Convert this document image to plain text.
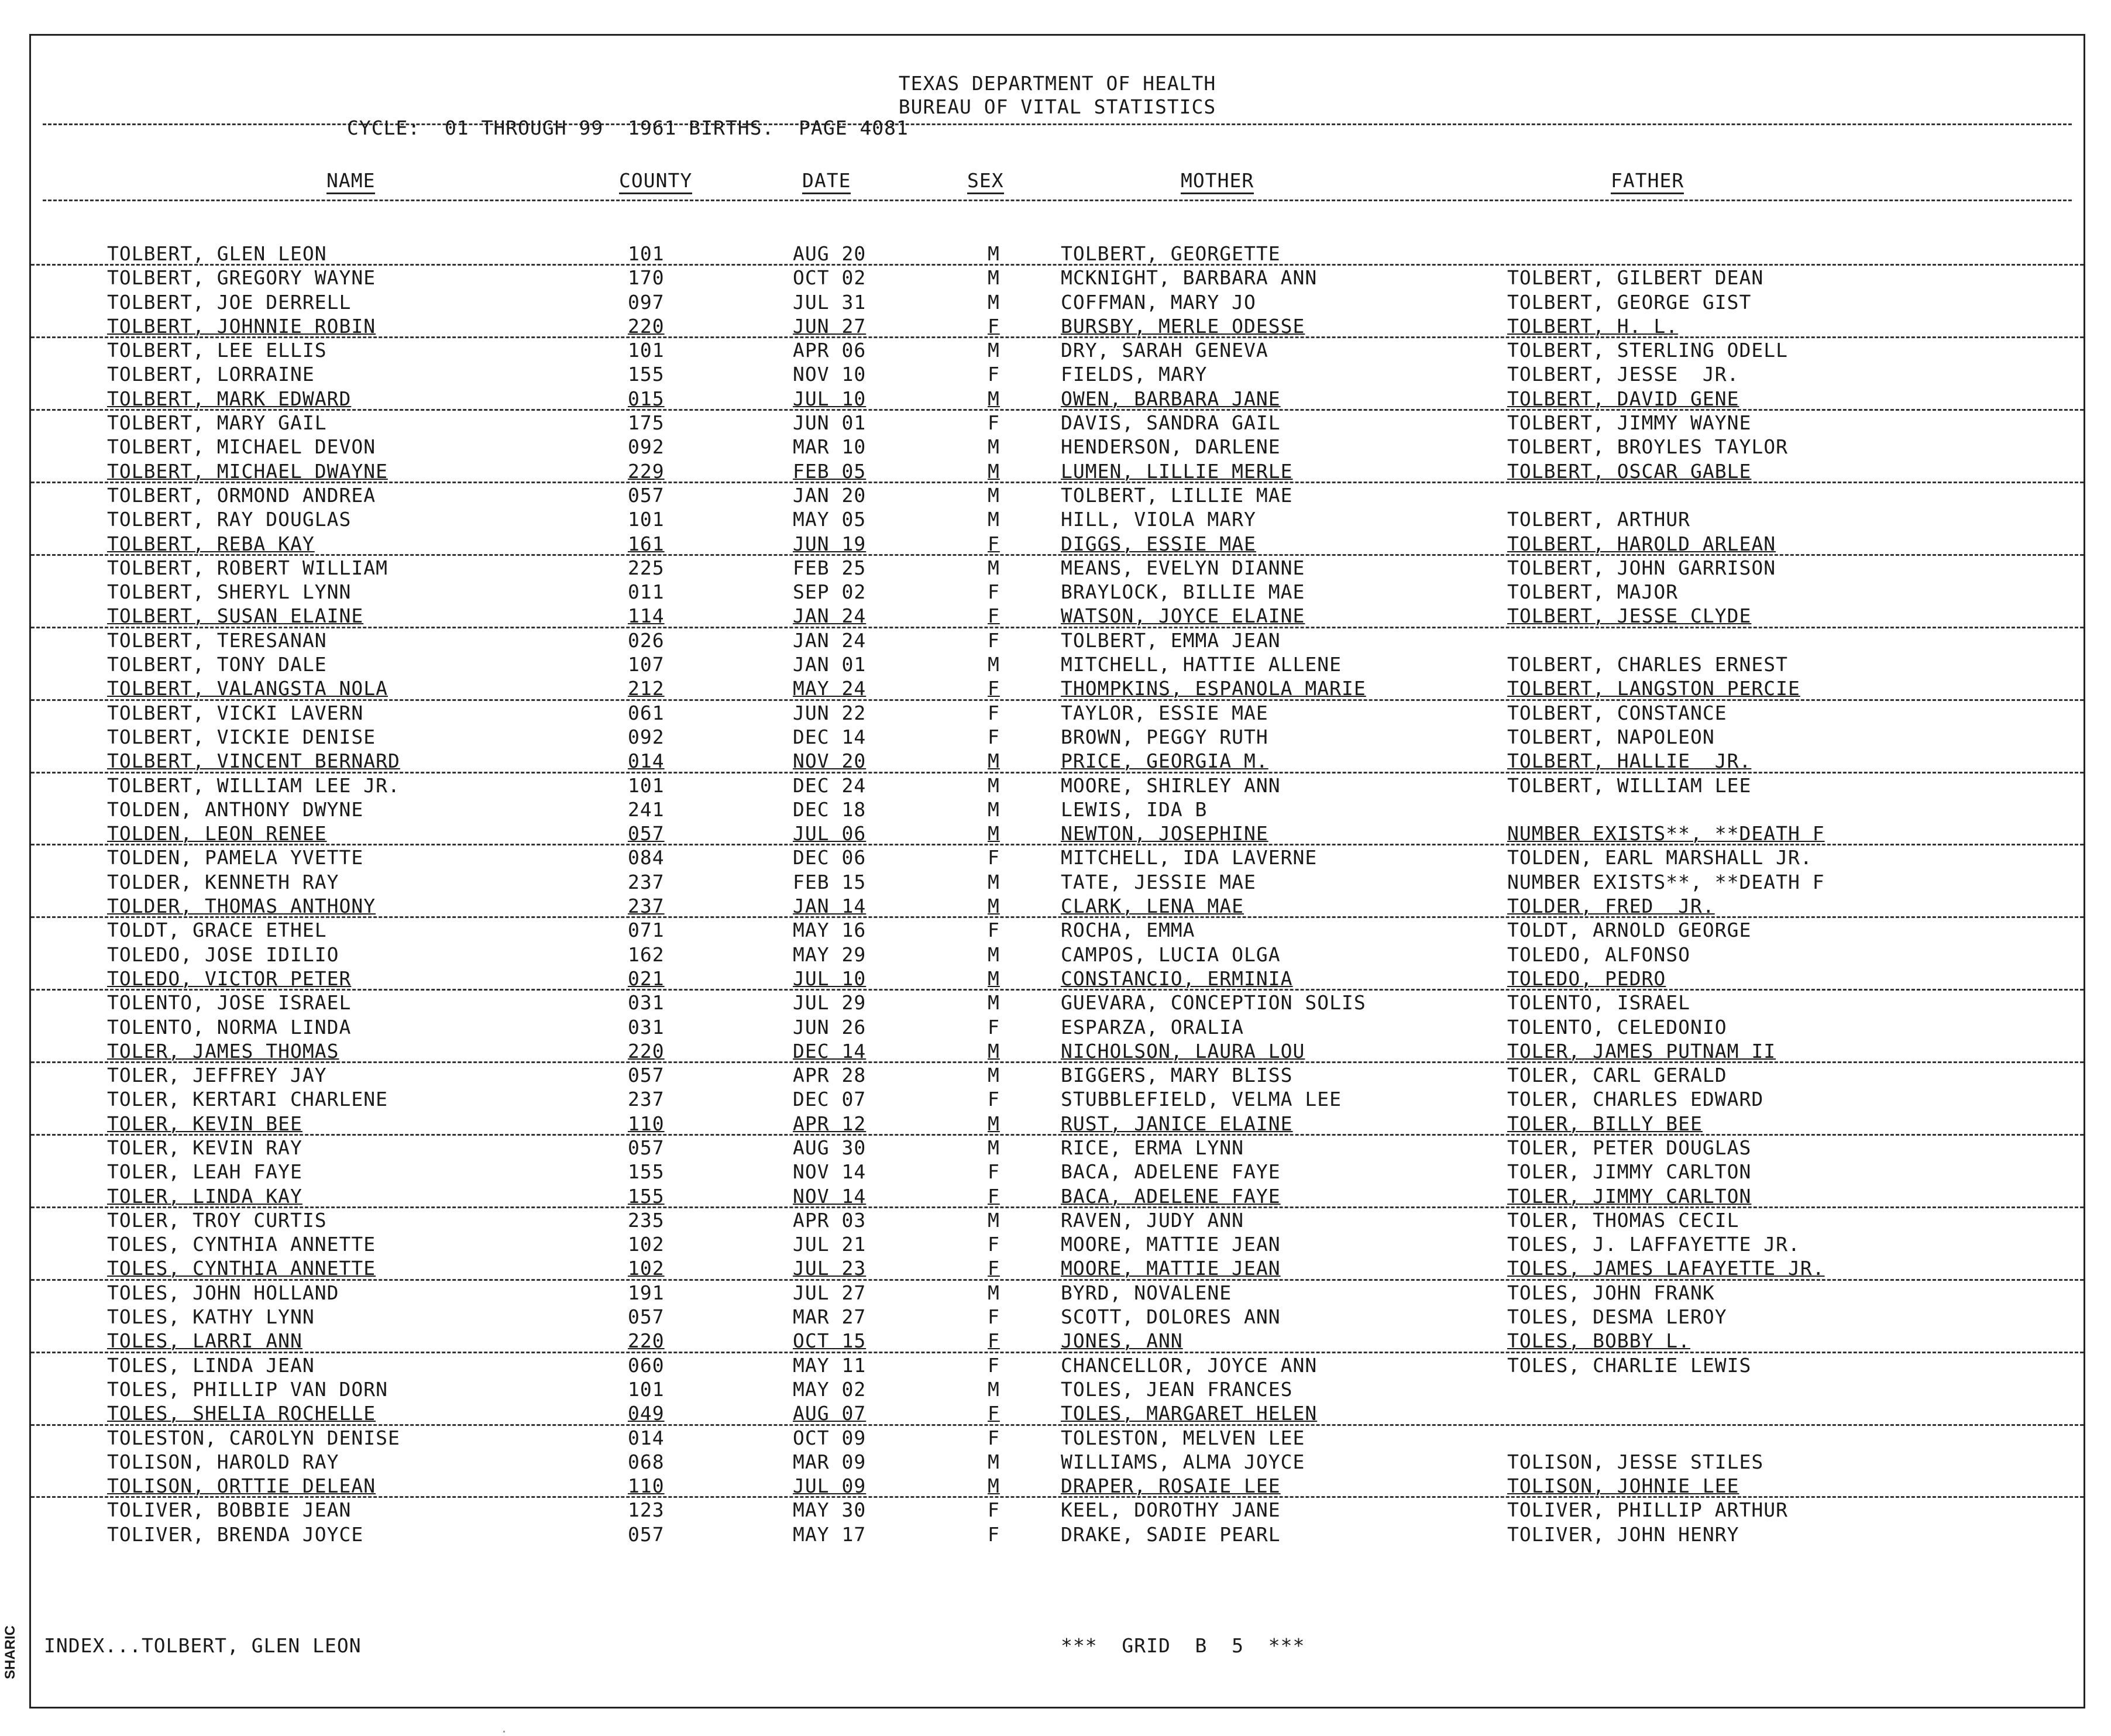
TEXAS DEPARTMENT OF HEALTH
BUREAU OF VITAL STATISTICS
CYCLE:  01 THROUGH 99  1961 BIRTHS.  PAGE 4081
NAME	COUNTY	DATE	SEX	MOTHER	FATHER
TOLBERT, GLEN LEON	101	AUG 20	M	TOLBERT, GEORGETTE
TOLBERT, GREGORY WAYNE	170	OCT 02	M	MCKNIGHT, BARBARA ANN	TOLBERT, GILBERT DEAN
TOLBERT, JOE DERRELL	097	JUL 31	M	COFFMAN, MARY JO	TOLBERT, GEORGE GIST
TOLBERT, JOHNNIE ROBIN	220	JUN 27	F	BURSBY, MERLE ODESSE	TOLBERT, H. L.
TOLBERT, LEE ELLIS	101	APR 06	M	DRY, SARAH GENEVA	TOLBERT, STERLING ODELL
TOLBERT, LORRAINE	155	NOV 10	F	FIELDS, MARY	TOLBERT, JESSE  JR.
TOLBERT, MARK EDWARD	015	JUL 10	M	OWEN, BARBARA JANE	TOLBERT, DAVID GENE
TOLBERT, MARY GAIL	175	JUN 01	F	DAVIS, SANDRA GAIL	TOLBERT, JIMMY WAYNE
TOLBERT, MICHAEL DEVON	092	MAR 10	M	HENDERSON, DARLENE	TOLBERT, BROYLES TAYLOR
TOLBERT, MICHAEL DWAYNE	229	FEB 05	M	LUMEN, LILLIE MERLE	TOLBERT, OSCAR GABLE
TOLBERT, ORMOND ANDREA	057	JAN 20	M	TOLBERT, LILLIE MAE
TOLBERT, RAY DOUGLAS	101	MAY 05	M	HILL, VIOLA MARY	TOLBERT, ARTHUR
TOLBERT, REBA KAY	161	JUN 19	F	DIGGS, ESSIE MAE	TOLBERT, HAROLD ARLEAN
TOLBERT, ROBERT WILLIAM	225	FEB 25	M	MEANS, EVELYN DIANNE	TOLBERT, JOHN GARRISON
TOLBERT, SHERYL LYNN	011	SEP 02	F	BRAYLOCK, BILLIE MAE	TOLBERT, MAJOR
TOLBERT, SUSAN ELAINE	114	JAN 24	F	WATSON, JOYCE ELAINE	TOLBERT, JESSE CLYDE
TOLBERT, TERESANAN	026	JAN 24	F	TOLBERT, EMMA JEAN
TOLBERT, TONY DALE	107	JAN 01	M	MITCHELL, HATTIE ALLENE	TOLBERT, CHARLES ERNEST
TOLBERT, VALANGSTA NOLA	212	MAY 24	F	THOMPKINS, ESPANOLA MARIE	TOLBERT, LANGSTON PERCIE
TOLBERT, VICKI LAVERN	061	JUN 22	F	TAYLOR, ESSIE MAE	TOLBERT, CONSTANCE
TOLBERT, VICKIE DENISE	092	DEC 14	F	BROWN, PEGGY RUTH	TOLBERT, NAPOLEON
TOLBERT, VINCENT BERNARD	014	NOV 20	M	PRICE, GEORGIA M.	TOLBERT, HALLIE  JR.
TOLBERT, WILLIAM LEE JR.	101	DEC 24	M	MOORE, SHIRLEY ANN	TOLBERT, WILLIAM LEE
TOLDEN, ANTHONY DWYNE	241	DEC 18	M	LEWIS, IDA B
TOLDEN, LEON RENEE	057	JUL 06	M	NEWTON, JOSEPHINE	NUMBER EXISTS**, **DEATH F
TOLDEN, PAMELA YVETTE	084	DEC 06	F	MITCHELL, IDA LAVERNE	TOLDEN, EARL MARSHALL JR.
TOLDER, KENNETH RAY	237	FEB 15	M	TATE, JESSIE MAE	NUMBER EXISTS**, **DEATH F
TOLDER, THOMAS ANTHONY	237	JAN 14	M	CLARK, LENA MAE	TOLDER, FRED  JR.
TOLDT, GRACE ETHEL	071	MAY 16	F	ROCHA, EMMA	TOLDT, ARNOLD GEORGE
TOLEDO, JOSE IDILIO	162	MAY 29	M	CAMPOS, LUCIA OLGA	TOLEDO, ALFONSO
TOLEDO, VICTOR PETER	021	JUL 10	M	CONSTANCIO, ERMINIA	TOLEDO, PEDRO
TOLENTO, JOSE ISRAEL	031	JUL 29	M	GUEVARA, CONCEPTION SOLIS	TOLENTO, ISRAEL
TOLENTO, NORMA LINDA	031	JUN 26	F	ESPARZA, ORALIA	TOLENTO, CELEDONIO
TOLER, JAMES THOMAS	220	DEC 14	M	NICHOLSON, LAURA LOU	TOLER, JAMES PUTNAM II
TOLER, JEFFREY JAY	057	APR 28	M	BIGGERS, MARY BLISS	TOLER, CARL GERALD
TOLER, KERTARI CHARLENE	237	DEC 07	F	STUBBLEFIELD, VELMA LEE	TOLER, CHARLES EDWARD
TOLER, KEVIN BEE	110	APR 12	M	RUST, JANICE ELAINE	TOLER, BILLY BEE
TOLER, KEVIN RAY	057	AUG 30	M	RICE, ERMA LYNN	TOLER, PETER DOUGLAS
TOLER, LEAH FAYE	155	NOV 14	F	BACA, ADELENE FAYE	TOLER, JIMMY CARLTON
TOLER, LINDA KAY	155	NOV 14	F	BACA, ADELENE FAYE	TOLER, JIMMY CARLTON
TOLER, TROY CURTIS	235	APR 03	M	RAVEN, JUDY ANN	TOLER, THOMAS CECIL
TOLES, CYNTHIA ANNETTE	102	JUL 21	F	MOORE, MATTIE JEAN	TOLES, J. LAFFAYETTE JR.
TOLES, CYNTHIA ANNETTE	102	JUL 23	F	MOORE, MATTIE JEAN	TOLES, JAMES LAFAYETTE JR.
TOLES, JOHN HOLLAND	191	JUL 27	M	BYRD, NOVALENE	TOLES, JOHN FRANK
TOLES, KATHY LYNN	057	MAR 27	F	SCOTT, DOLORES ANN	TOLES, DESMA LEROY
TOLES, LARRI ANN	220	OCT 15	F	JONES, ANN	TOLES, BOBBY L.
TOLES, LINDA JEAN	060	MAY 11	F	CHANCELLOR, JOYCE ANN	TOLES, CHARLIE LEWIS
TOLES, PHILLIP VAN DORN	101	MAY 02	M	TOLES, JEAN FRANCES
TOLES, SHELIA ROCHELLE	049	AUG 07	F	TOLES, MARGARET HELEN
TOLESTON, CAROLYN DENISE	014	OCT 09	F	TOLESTON, MELVEN LEE
TOLISON, HAROLD RAY	068	MAR 09	M	WILLIAMS, ALMA JOYCE	TOLISON, JESSE STILES
TOLISON, ORTTIE DELEAN	110	JUL 09	M	DRAPER, ROSAIE LEE	TOLISON, JOHNIE LEE
TOLIVER, BOBBIE JEAN	123	MAY 30	F	KEEL, DOROTHY JANE	TOLIVER, PHILLIP ARTHUR
TOLIVER, BRENDA JOYCE	057	MAY 17	F	DRAKE, SADIE PEARL	TOLIVER, JOHN HENRY
INDEX...TOLBERT, GLEN LEON	***  GRID  B  5  ***
SHARIC
